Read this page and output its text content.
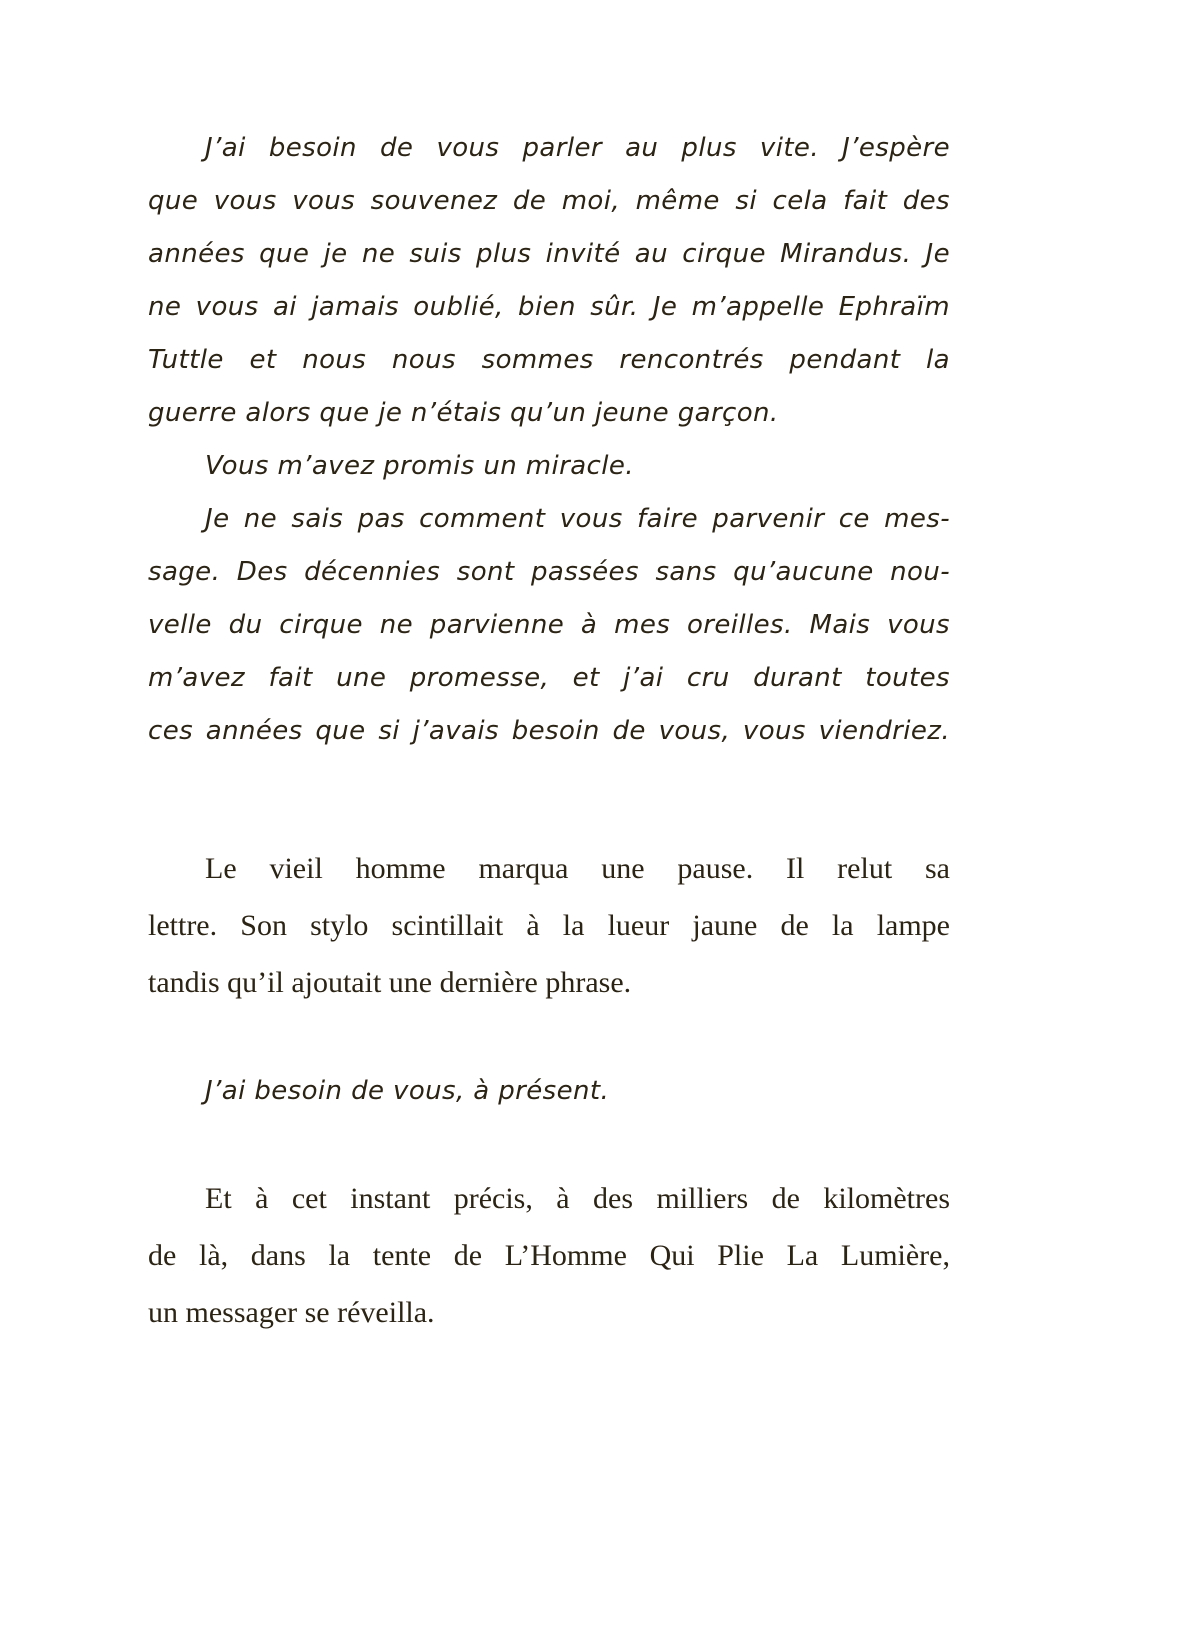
J’ai besoin de vous parler au plus vite. J’espère
que vous vous souvenez de moi, même si cela fait des
années que je ne suis plus invité au cirque Mirandus. Je
ne vous ai jamais oublié, bien sûr. Je m’appelle Ephraïm
Tuttle et nous nous sommes rencontrés pendant la
guerre alors que je n’étais qu’un jeune garçon.
Vous m’avez promis un miracle.
Je ne sais pas comment vous faire parvenir ce mes-
sage. Des décennies sont passées sans qu’aucune nou-
velle du cirque ne parvienne à mes oreilles. Mais vous
m’avez fait une promesse, et j’ai cru durant toutes
ces années que si j’avais besoin de vous, vous viendriez.
Le vieil homme marqua une pause. Il relut sa
lettre. Son stylo scintillait à la lueur jaune de la lampe
tandis qu’il ajoutait une dernière phrase.
J’ai besoin de vous, à présent.
Et à cet instant précis, à des milliers de kilomètres
de là, dans la tente de L’Homme Qui Plie La Lumière,
un messager se réveilla.
